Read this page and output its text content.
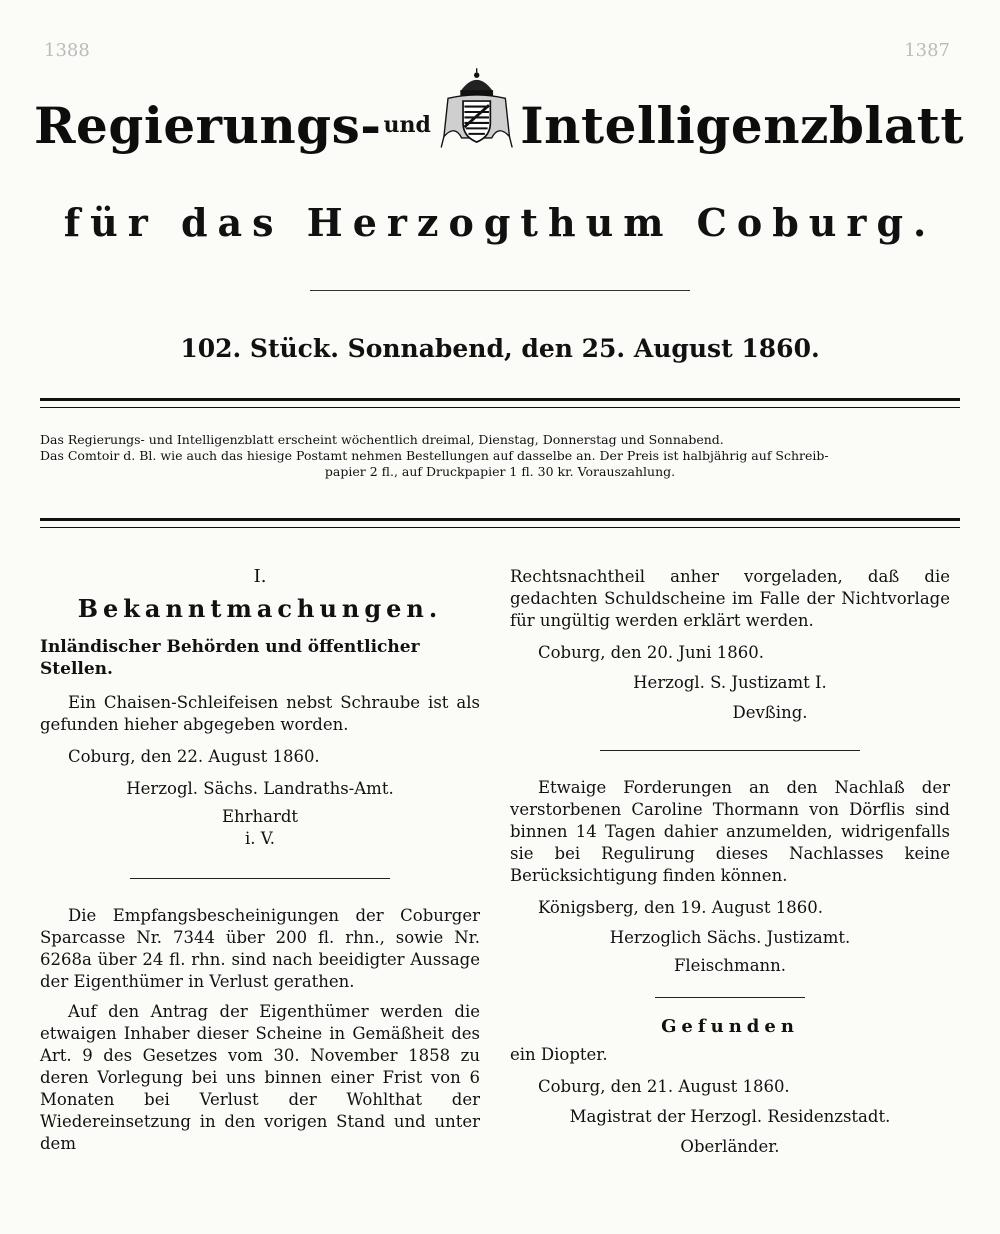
1388	1387
Regierungs- und Intelligenzblatt
für das Herzogthum Coburg.
102. Stück. Sonnabend, den 25. August 1860.
Das Regierungs- und Intelligenzblatt erscheint wöchentlich dreimal, Dienstag, Donnerstag und Sonnabend.
Das Comtoir d. Bl. wie auch das hiesige Postamt nehmen Bestellungen auf dasselbe an. Der Preis ist halbjährig auf Schreib-
papier 2 fl., auf Druckpapier 1 fl. 30 kr. Vorauszahlung.

I.

Bekanntmachungen.

Inländischer Behörden und öffentlicher Stellen.

Ein Chaisen-Schleifeisen nebst Schraube ist als gefunden hieher abgegeben worden.

Coburg, den 22. August 1860.

Herzogl. Sächs. Landraths-Amt.

Ehrhardt

i. V.

Die Empfangsbescheinigungen der Coburger Sparcasse Nr. 7344 über 200 fl. rhn., sowie Nr. 6268a über 24 fl. rhn. sind nach beeidigter Aussage der Eigenthümer in Verlust gerathen.

Auf den Antrag der Eigenthümer werden die etwaigen Inhaber dieser Scheine in Gemäßheit des Art. 9 des Gesetzes vom 30. November 1858 zu deren Vorlegung bei uns binnen einer Frist von 6 Monaten bei Verlust der Wohlthat der Wiedereinsetzung in den vorigen Stand und unter dem

Rechtsnachtheil anher vorgeladen, daß die gedachten Schuldscheine im Falle der Nichtvorlage für ungültig werden erklärt werden.

Coburg, den 20. Juni 1860.

Herzogl. S. Justizamt I.

Devßing.

Etwaige Forderungen an den Nachlaß der verstorbenen Caroline Thormann von Dörflis sind binnen 14 Tagen dahier anzumelden, widrigenfalls sie bei Regulirung dieses Nachlasses keine Berücksichtigung finden können.

Königsberg, den 19. August 1860.

Herzoglich Sächs. Justizamt.

Fleischmann.

Gefunden

ein Diopter.

Coburg, den 21. August 1860.

Magistrat der Herzogl. Residenzstadt.

Oberländer.
